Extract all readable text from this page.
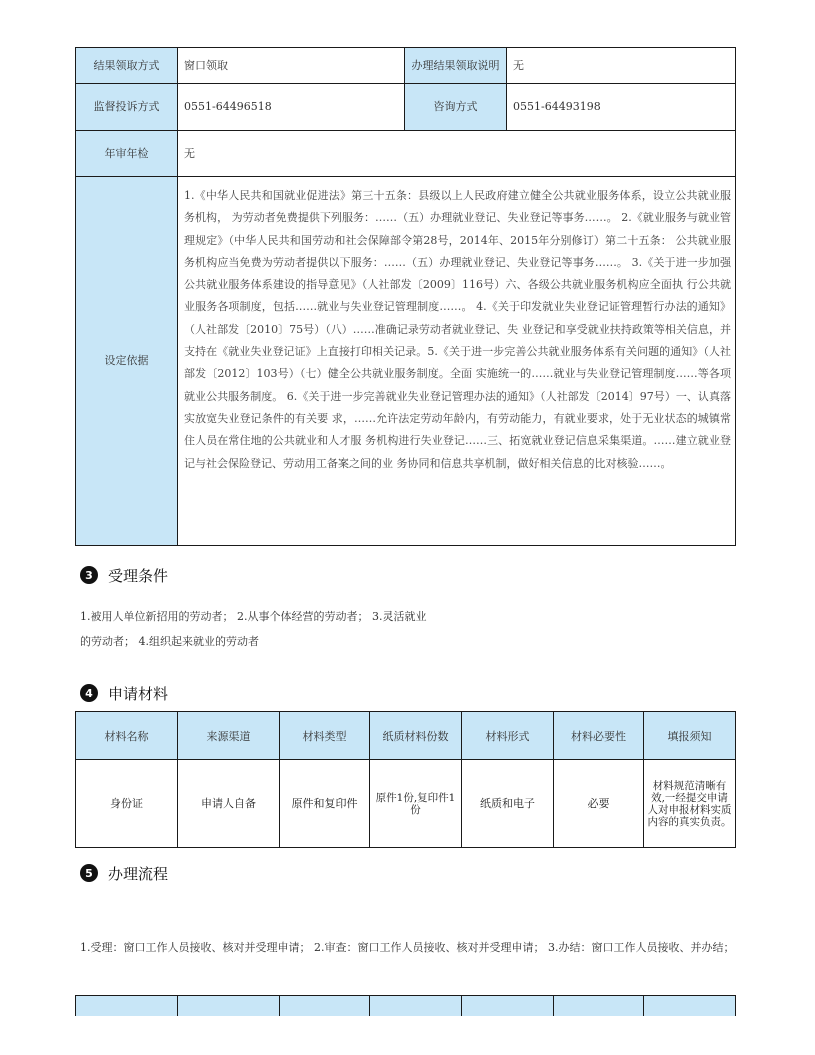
结果领取方式	窗口领取	办理结果领取说明	无
监督投诉方式	0551-64496518	咨询方式	0551-64493198
年审年检	无		
设定依据	1.《中华人民共和国就业促进法》第三十五条：县级以上人民政府建立健全公共就业服务体系，设立公共就业服务机构， 为劳动者免费提供下列服务：……（五）办理就业登记、失业登记等事务……。 2.《就业服务与就业管理规定》（中华人民共和国劳动和社会保障部令第28号，2014年、2015年分别修订）第二十五条： 公共就业服务机构应当免费为劳动者提供以下服务：……（五）办理就业登记、失业登记等事务……。 3.《关于进一步加强公共就业服务体系建设的指导意见》（人社部发〔2009〕116号）六、各级公共就业服务机构应全面执 行公共就业服务各项制度，包括……就业与失业登记管理制度……。 4.《关于印发就业失业登记证管理暂行办法的通知》（人社部发〔2010〕75号）（八）……准确记录劳动者就业登记、失 业登记和享受就业扶持政策等相关信息，并支持在《就业失业登记证》上直接打印相关记录。5.《关于进一步完善公共就业服务体系有关问题的通知》（人社部发〔2012〕103号）（七）健全公共就业服务制度。全面 实施统一的……就业与失业登记管理制度……等各项就业公共服务制度。 6.《关于进一步完善就业失业登记管理办法的通知》（人社部发〔2014〕97号）一、认真落实放宽失业登记条件的有关要 求，……允许法定劳动年龄内，有劳动能力，有就业要求，处于无业状态的城镇常住人员在常住地的公共就业和人才服 务机构进行失业登记……三、拓宽就业登记信息采集渠道。……建立就业登记与社会保险登记、劳动用工备案之间的业 务协同和信息共享机制，做好相关信息的比对核验……。		
3	受理条件
1.被用人单位新招用的劳动者； 2.从事个体经营的劳动者； 3.灵活就业
的劳动者； 4.组织起来就业的劳动者
4	申请材料
材料名称	来源渠道	材料类型	纸质材料份数	材料形式	材料必要性	填报须知
身份证	申请人自备	原件和复印件	原件1份,复印件1份	纸质和电子	必要	材料规范清晰有效,一经提交申请人对申报材料实质内容的真实负责。
5	办理流程
1.受理：窗口工作人员接收、核对并受理申请； 2.审查：窗口工作人员接收、核对并受理申请； 3.办结：窗口工作人员接收、并办结；
